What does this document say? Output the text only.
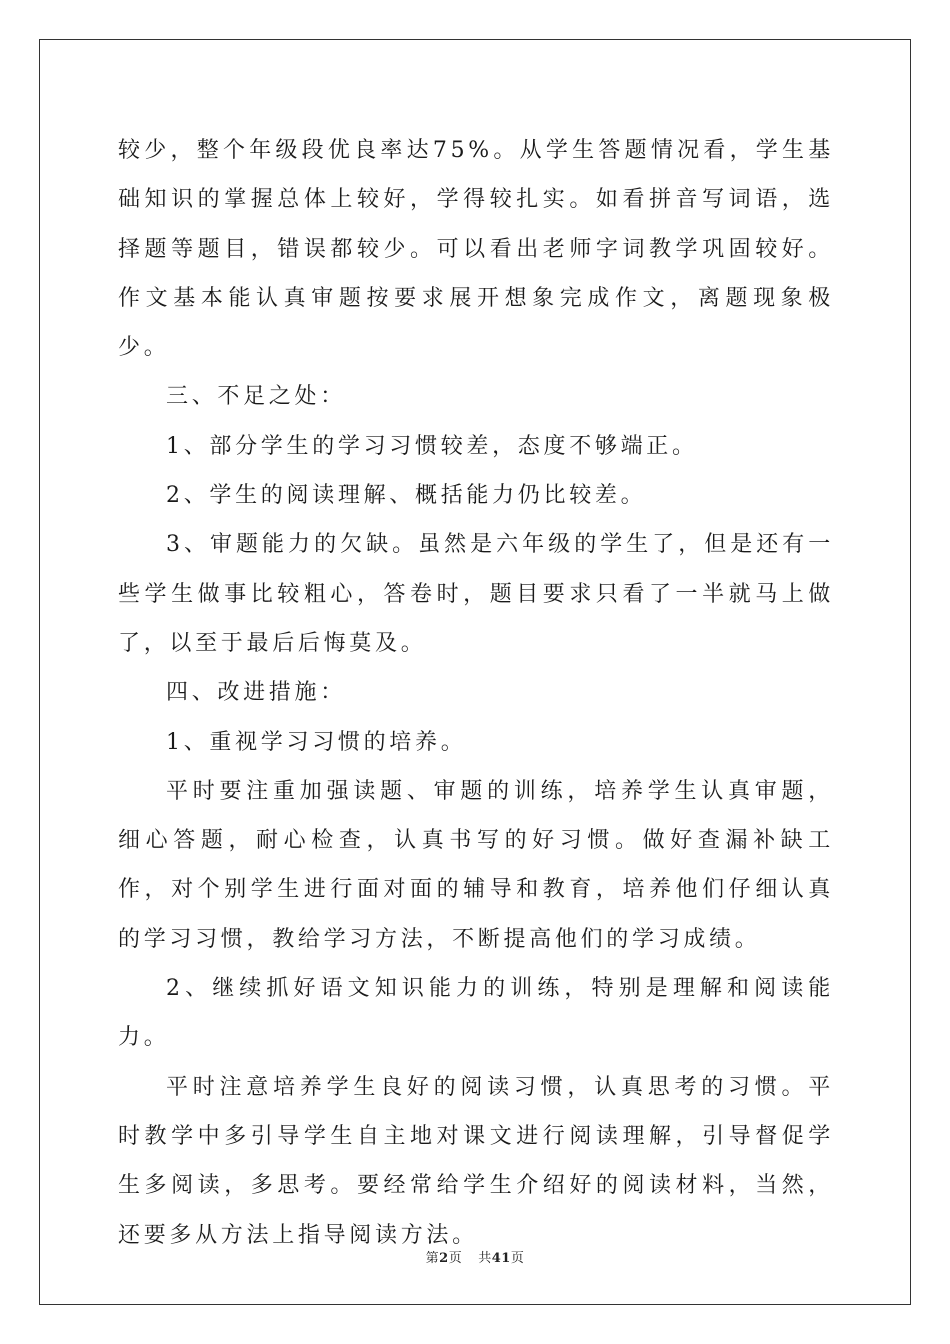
较少，整个年级段优良率达75%。从学生答题情况看，学生基础知识的掌握总体上较好，学得较扎实。如看拼音写词语，选择题等题目，错误都较少。可以看出老师字词教学巩固较好。作文基本能认真审题按要求展开想象完成作文，离题现象极少。

三、不足之处：

1、部分学生的学习习惯较差，态度不够端正。

2、学生的阅读理解、概括能力仍比较差。

3、审题能力的欠缺。虽然是六年级的学生了，但是还有一些学生做事比较粗心，答卷时，题目要求只看了一半就马上做了，以至于最后后悔莫及。

四、改进措施：

1、重视学习习惯的培养。

平时要注重加强读题、审题的训练，培养学生认真审题，细心答题，耐心检查，认真书写的好习惯。做好查漏补缺工作，对个别学生进行面对面的辅导和教育，培养他们仔细认真的学习习惯，教给学习方法，不断提高他们的学习成绩。

2、继续抓好语文知识能力的训练，特别是理解和阅读能力。

平时注意培养学生良好的阅读习惯，认真思考的习惯。平时教学中多引导学生自主地对课文进行阅读理解，引导督促学生多阅读，多思考。要经常给学生介绍好的阅读材料，当然，还要多从方法上指导阅读方法。

第2页 共41页
